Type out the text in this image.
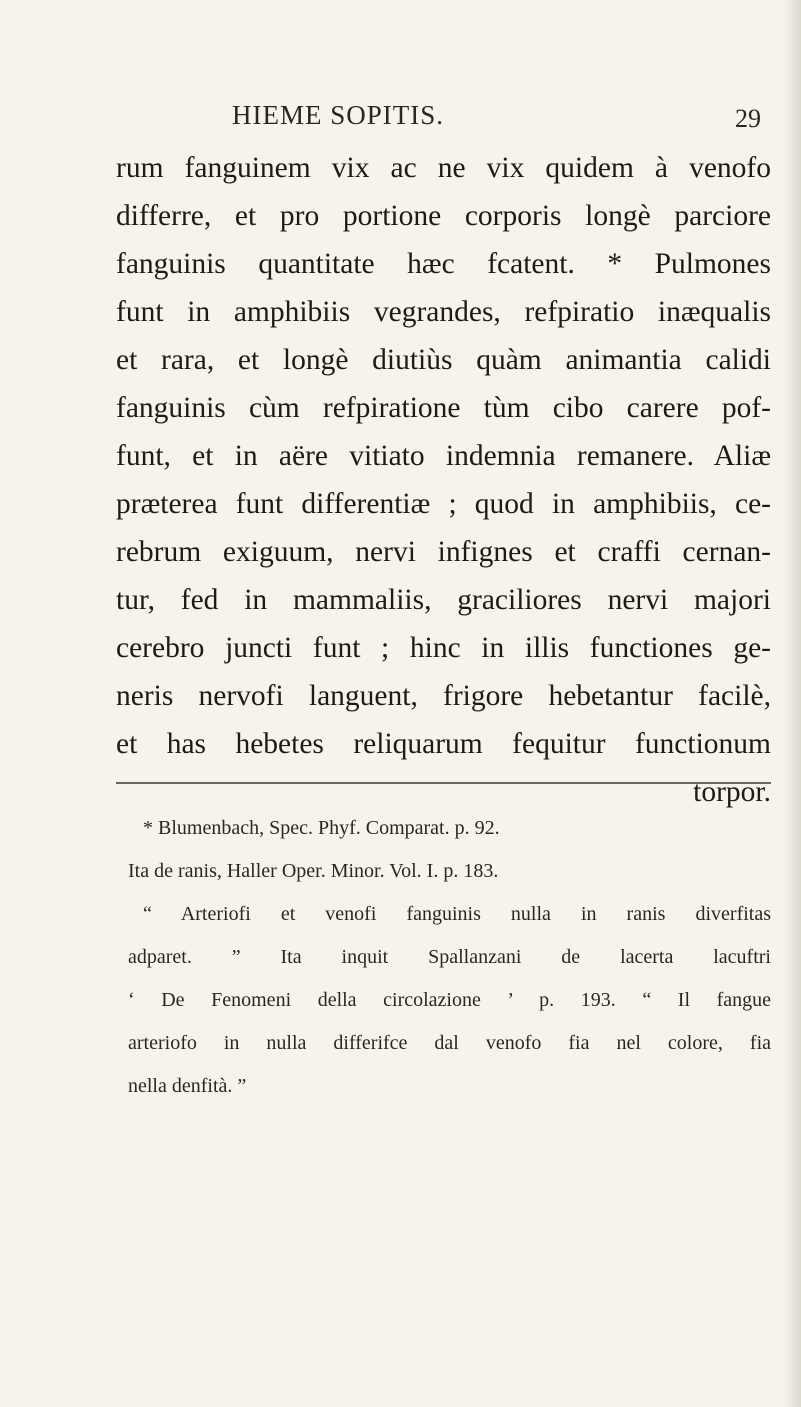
HIEME SOPITIS.	29
rum fanguinem vix ac ne vix quidem à venofo
differre, et pro portione corporis longè parciore
fanguinis quantitate hæc fcatent. * Pulmones
funt in amphibiis vegrandes, refpiratio inæqualis
et rara, et longè diutiùs quàm animantia calidi
fanguinis cùm refpiratione tùm cibo carere pof-
funt, et in aëre vitiato indemnia remanere. Aliæ
præterea funt differentiæ ; quod in amphibiis, ce-
rebrum exiguum, nervi infignes et craffi cernan-
tur, fed in mammaliis, graciliores nervi majori
cerebro juncti funt ; hinc in illis functiones ge-
neris nervofi languent, frigore hebetantur facilè,
et has hebetes reliquarum fequitur functionum
torpor.
* Blumenbach, Spec. Phyf. Comparat. p. 92.
Ita de ranis, Haller Oper. Minor. Vol. I. p. 183.
“ Arteriofi et venofi fanguinis nulla in ranis diverfitas
adparet. ” Ita inquit Spallanzani de lacerta lacuftri
‘ De Fenomeni della circolazione ’ p. 193. “ Il fangue
arteriofo in nulla differifce dal venofo fia nel colore, fia
nella denfità. ”
